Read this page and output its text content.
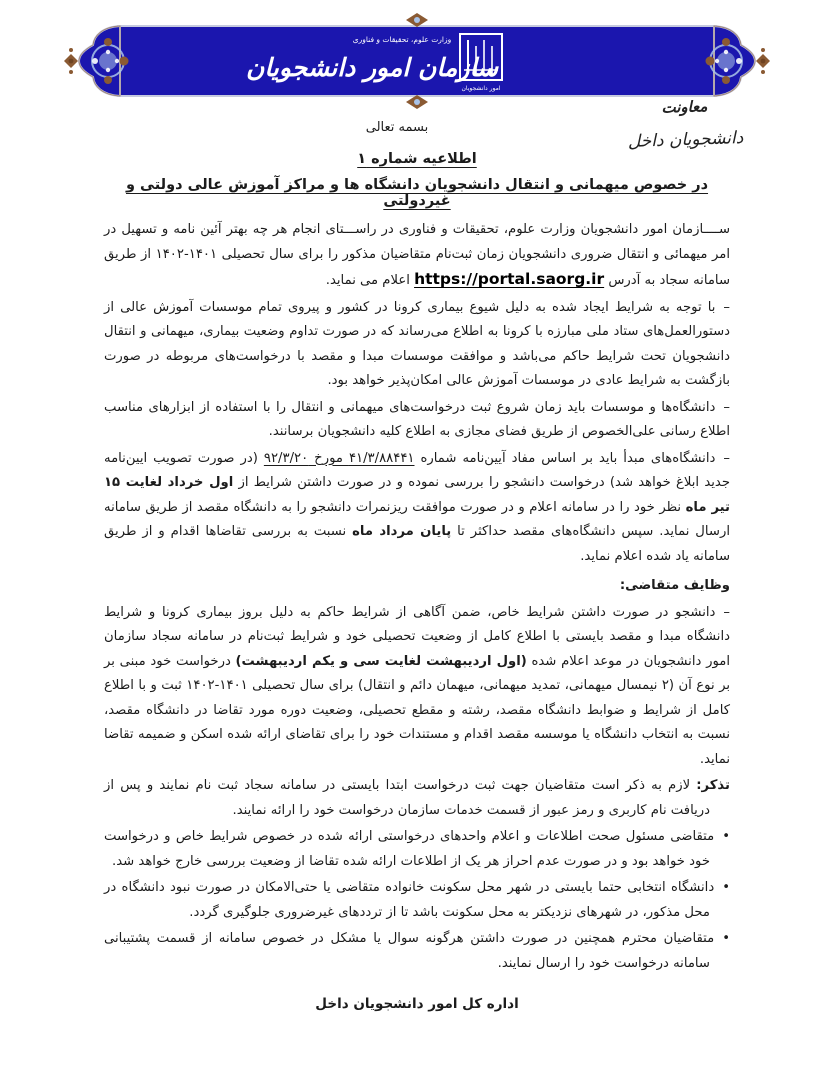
امور دانشجویان
وزارت علوم، تحقیقات و فناوری
سازمان امور دانشجویان
معاونت
دانشجویان داخل
بسمه تعالی
اطلاعیه شماره ۱
در خصوص میهمانی و انتقال دانشجویان دانشگاه ها و مراکز آموزش عالی دولتی و غیردولتی

ســــازمان امور دانشجویان وزارت علوم، تحقیقات و فناوری در راســـتای انجام هر چه بهتر آئین نامه و تسهیل در امر میهمائی و انتقال ضروری دانشجویان زمان ثبت‌نام متقاضیان مذکور را برای سال تحصیلی ۱۴۰۱-۱۴۰۲ از طریق سامانه سجاد به آدرس https://portal.saorg.ir اعلام می نماید.

–با توجه به شرایط ایجاد شده به دلیل شیوع بیماری کرونا در کشور و پیروی تمام موسسات آموزش عالی از دستورالعمل‌های ستاد ملی مبارزه با کرونا به اطلاع می‌رساند که در صورت تداوم وضعیت بیماری، میهمانی و انتقال دانشجویان تحت شرایط حاکم می‌باشد و موافقت موسسات مبدا و مقصد با درخواست‌های مربوطه در صورت بازگشت به شرایط عادی در موسسات آموزش عالی امکان‌پذیر خواهد بود.

–دانشگاه‌ها و موسسات باید زمان شروع ثبت درخواست‌های میهمانی و انتقال را با استفاده از ابزارهای مناسب اطلاع رسانی علی‌الخصوص از طریق فضای مجازی به اطلاع کلیه دانشجویان برسانند.

–دانشگاه‌های مبدأ باید بر اساس مفاد آیین‌نامه شماره ۴۱/۳/۸۸۴۴۱ مورخ ۹۲/۳/۲۰ (در صورت تصویب ایین‌نامه جدید ابلاغ خواهد شد) درخواست دانشجو را بررسی نموده و در صورت داشتن شرایط از اول خرداد لغایت ۱۵ تیر ماه نظر خود را در سامانه اعلام و در صورت موافقت ریزنمرات دانشجو را به دانشگاه مقصد از طریق سامانه ارسال نماید. سپس دانشگاه‌های مقصد حداکثر تا پایان مرداد ماه نسبت به بررسی تقاضاها اقدام و از طریق سامانه یاد شده اعلام نماید.

وظایف متقاضی:

–دانشجو در صورت داشتن شرایط خاص، ضمن آگاهی از شرایط حاکم به دلیل بروز بیماری کرونا و شرایط دانشگاه مبدا و مقصد بایستی با اطلاع کامل از وضعیت تحصیلی خود و شرایط ثبت‌نام در سامانه سجاد سازمان امور دانشجویان در موعد اعلام شده (اول اردیبهشت لغایت سی و یکم اردیبهشت) درخواست خود مبنی بر بر نوع آن (۲ نیمسال میهمانی، تمدید میهمانی، میهمان دائم و انتقال) برای سال تحصیلی ۱۴۰۱-۱۴۰۲ ثبت و با اطلاع کامل از شرایط و ضوابط دانشگاه مقصد، رشته و مقطع تحصیلی، وضعیت دوره مورد تقاضا در دانشگاه مقصد، نسبت به انتخاب دانشگاه یا موسسه مقصد اقدام و مستندات خود را برای تقاضای ارائه شده اسکن و ضمیمه تقاضا نماید.

تذکر: لازم به ذکر است متقاضیان جهت ثبت درخواست ابتدا بایستی در سامانه سجاد ثبت نام نمایند و پس از دریافت نام کاربری و رمز عبور از قسمت خدمات سازمان درخواست خود را ارائه نمایند.

•متقاضی مسئول صحت اطلاعات و اعلام واحدهای درخواستی ارائه شده در خصوص شرایط خاص و درخواست خود خواهد بود و در صورت عدم احراز هر یک از اطلاعات ارائه شده تقاضا از وضعیت بررسی خارج خواهد شد.

•دانشگاه انتخابی حتما بایستی در شهر محل سکونت خانواده متقاضی یا حتی‌الامکان در صورت نبود دانشگاه در محل مذکور، در شهرهای نزدیکتر به محل سکونت باشد تا از ترددهای غیرضروری جلوگیری گردد.

•متقاضیان محترم همچنین در صورت داشتن هرگونه سوال یا مشکل در خصوص سامانه از قسمت پشتیبانی سامانه درخواست خود را ارسال نمایند.

اداره کل امور دانشجویان داخل
